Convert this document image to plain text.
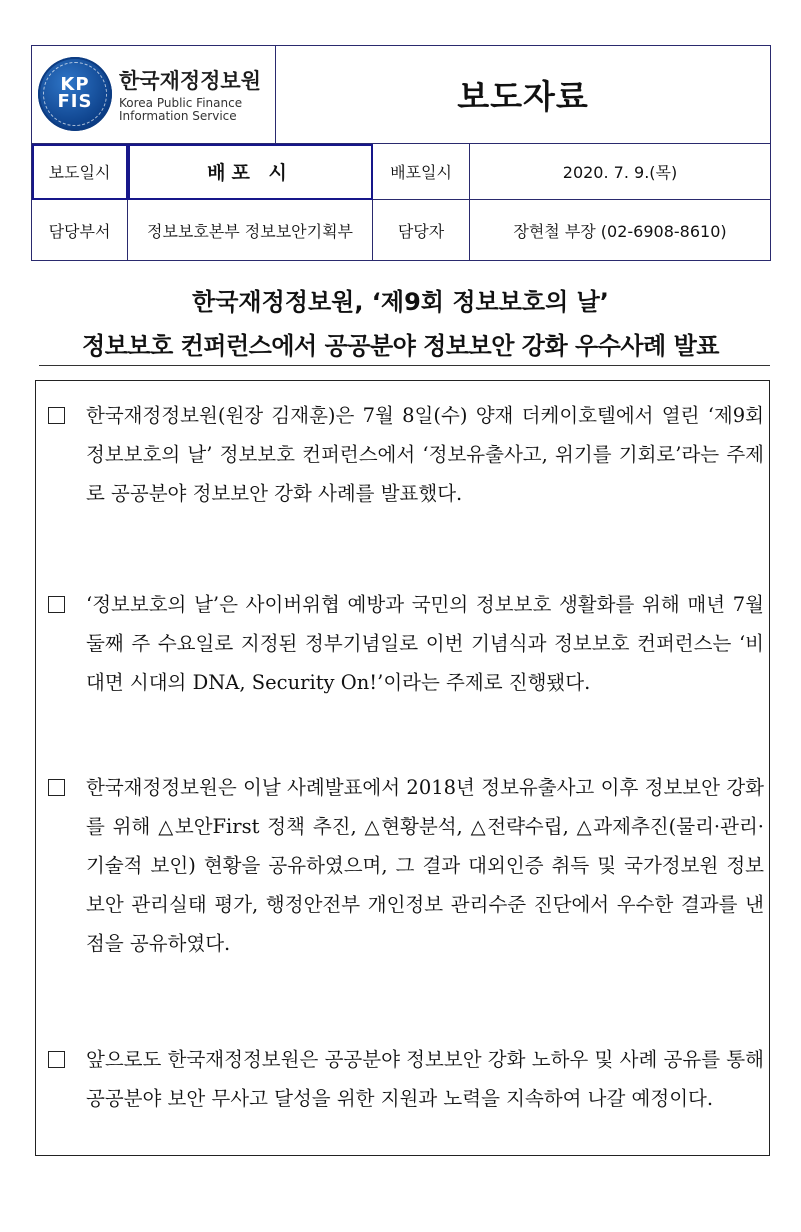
KP
FIS
한국재정정보원
Korea Public Finance
Information Service		보도자료		
보도일시	배포 시		배포일시	2020. 7. 9.(목)
담당부서	정보보호본부 정보보안기획부		담당자	장현철 부장 (02-6908-8610)
한국재정정보원, ‘제9회 정보보호의 날’
정보보호 컨퍼런스에서 공공분야 정보보안 강화 우수사례 발표
한국재정정보원(원장 김재훈)은 7월 8일(수) 양재 더케이호텔에서 열린 ‘제9회 정보보호의 날’ 정보보호 컨퍼런스에서 ‘정보유출사고, 위기를 기회로’라는 주제로 공공분야 정보보안 강화 사례를 발표했다.
‘정보보호의 날’은 사이버위협 예방과 국민의 정보보호 생활화를 위해 매년 7월 둘째 주 수요일로 지정된 정부기념일로 이번 기념식과 정보보호 컨퍼런스는 ‘비대면 시대의 DNA, Security On!’이라는 주제로 진행됐다.
한국재정정보원은 이날 사례발표에서 2018년 정보유출사고 이후 정보보안 강화를 위해 △보안First 정책 추진, △현황분석, △전략수립, △과제추진(물리·관리·기술적 보인) 현황을 공유하였으며, 그 결과 대외인증 취득 및 국가정보원 정보보안 관리실태 평가, 행정안전부 개인정보 관리수준 진단에서 우수한 결과를 낸 점을 공유하였다.
앞으로도 한국재정정보원은 공공분야 정보보안 강화 노하우 및 사례 공유를 통해 공공분야 보안 무사고 달성을 위한 지원과 노력을 지속하여 나갈 예정이다.
